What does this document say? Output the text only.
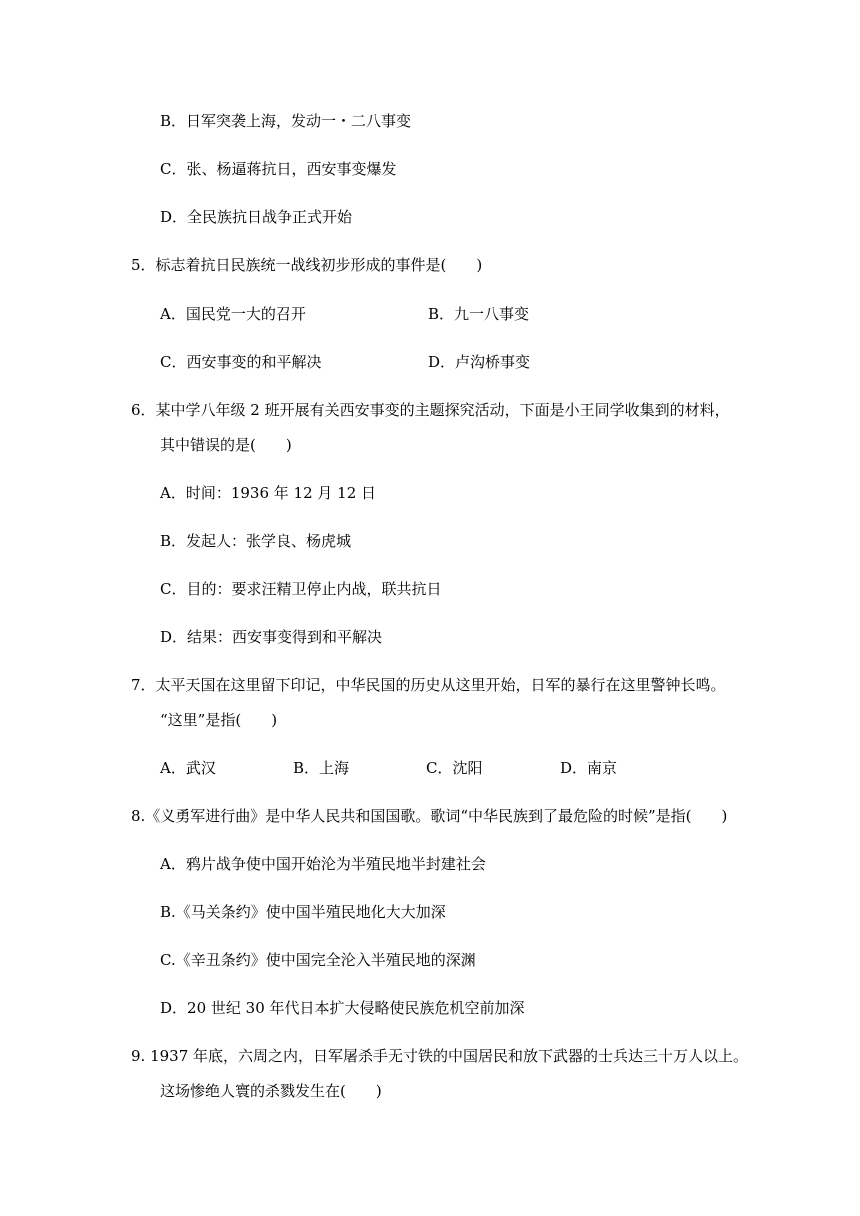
B．日军突袭上海，发动一・二八事变
C．张、杨逼蒋抗日，西安事变爆发
D．全民族抗日战争正式开始
5．标志着抗日民族统一战线初步形成的事件是(　　)
A．国民党一大的召开	B．九一八事变
C．西安事变的和平解决	D．卢沟桥事变
6．某中学八年级 2 班开展有关西安事变的主题探究活动，下面是小王同学收集到的材料，
其中错误的是(　　)
A．时间：1936 年 12 月 12 日
B．发起人：张学良、杨虎城
C．目的：要求汪精卫停止内战，联共抗日
D．结果：西安事变得到和平解决
7．太平天国在这里留下印记，中华民国的历史从这里开始，日军的暴行在这里警钟长鸣。
“这里”是指(　　)
A．武汉	B．上海	C．沈阳	D．南京
8.《义勇军进行曲》是中华人民共和国国歌。歌词“中华民族到了最危险的时候”是指(　　)
A．鸦片战争使中国开始沦为半殖民地半封建社会
B.《马关条约》使中国半殖民地化大大加深
C.《辛丑条约》使中国完全沦入半殖民地的深渊
D．20 世纪 30 年代日本扩大侵略使民族危机空前加深
9. 1937 年底，六周之内，日军屠杀手无寸铁的中国居民和放下武器的士兵达三十万人以上。
这场惨绝人寰的杀戮发生在(　　)
